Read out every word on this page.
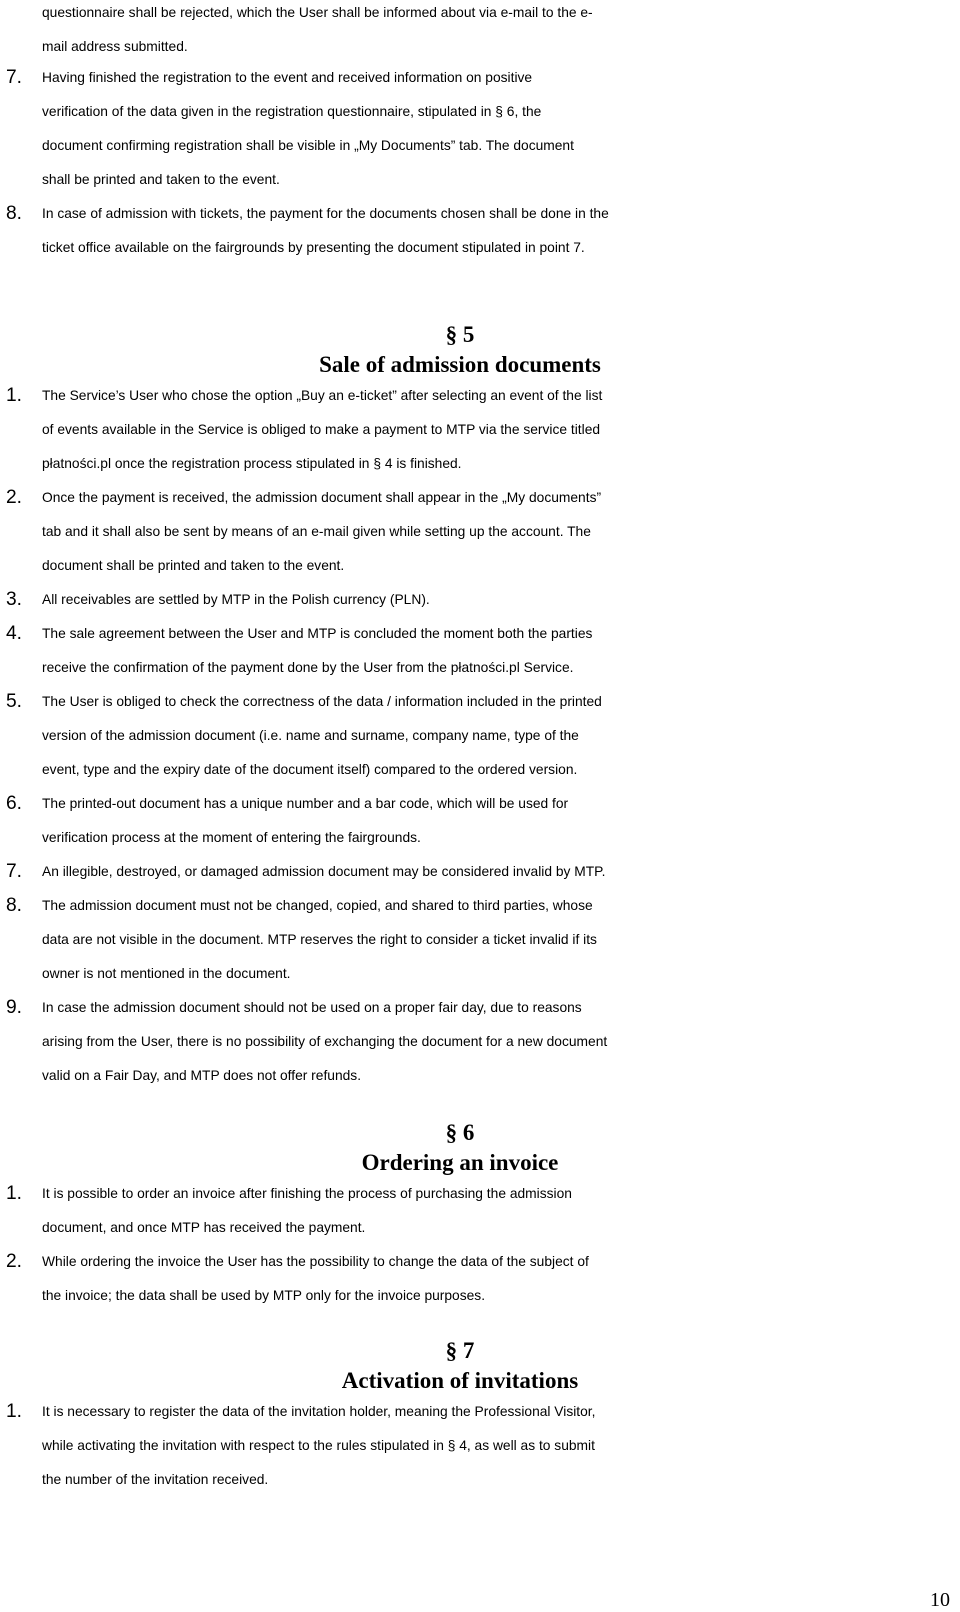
questionnaire shall be rejected, which the User shall be informed about via e-mail to the e-
mail address submitted.
7. Having finished the registration to the event and received information on positive
verification of the data given in the registration questionnaire, stipulated in § 6, the
document confirming registration shall be visible in „My Documents” tab. The document
shall be printed and taken to the event.
8. In case of admission with tickets, the payment for the documents chosen shall be done in the
ticket office available on the fairgrounds by presenting the document stipulated in point 7.
§ 5
Sale of admission documents
1. The Service’s User who chose the option „Buy an e-ticket” after selecting an event of the list
of events available in the Service is obliged to make a payment to MTP via the service titled
płatności.pl once the registration process stipulated in § 4 is finished.
2. Once the payment is received, the admission document shall appear in the „My documents”
tab and it shall also be sent by means of an e-mail given while setting up the account. The
document shall be printed and taken to the event.
3. All receivables are settled by MTP in the Polish currency (PLN).
4. The sale agreement between the User and MTP is concluded the moment both the parties
receive the confirmation of the payment done by the User from the płatności.pl Service.
5. The User is obliged to check the correctness of the data / information included in the printed
version of the admission document (i.e. name and surname, company name, type of the
event, type and the expiry date of the document itself) compared to the ordered version.
6. The printed-out document has a unique number and a bar code, which will be used for
verification process at the moment of entering the fairgrounds.
7. An illegible, destroyed, or damaged admission document may be considered invalid by MTP.
8. The admission document must not be changed, copied, and shared to third parties, whose
data are not visible in the document. MTP reserves the right to consider a ticket invalid if its
owner is not mentioned in the document.
9. In case the admission document should not be used on a proper fair day, due to reasons
arising from the User, there is no possibility of exchanging the document for a new document
valid on a Fair Day, and MTP does not offer refunds.
§ 6
Ordering an invoice
1. It is possible to order an invoice after finishing the process of purchasing the admission
document, and once MTP has received the payment.
2. While ordering the invoice the User has the possibility to change the data of the subject of
the invoice; the data shall be used by MTP only for the invoice purposes.
§ 7
Activation of invitations
1. It is necessary to register the data of the invitation holder, meaning the Professional Visitor,
while activating the invitation with respect to the rules stipulated in § 4, as well as to submit
the number of the invitation received.
10
